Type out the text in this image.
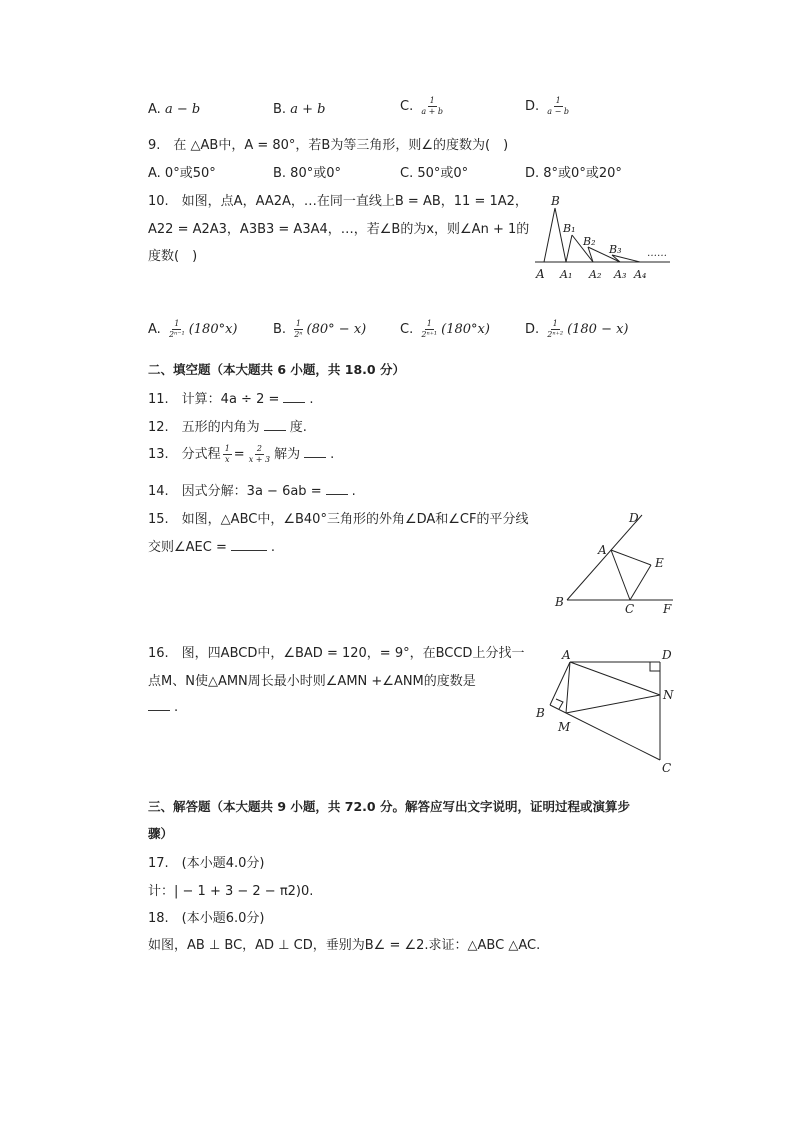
A. a − b	B. a + b	C. $\frac{1}{a + b}$	D. $\frac{1}{a - b}$
9.　在 △AB中，A = 80°，若B为等三角形，则∠的度数为(　)
A. 0°或50°	B. 80°或0°	C. 50°或0°	D. 8°或0°或20°
10.　如图，点A，AA2A，…在同一直线上B = AB，11 = 1A2，
A22 = A2A3，A3B3 = A3A4，…，若∠B的为x，则∠An + 1的
度数(　)
B
B₁
B₂
B₃	……
A A₁ A₂ A₃ A₄
A. $\frac{1}{\text{2ⁿ⁻¹}} (180^\circ x)$	B. $\frac{1}{\text{2ⁿ}} (80^\circ - x)$	C. $\frac{1}{\text{2ⁿ⁺¹}} (180^\circ x)$	D. $\frac{1}{\text{2ⁿ⁺²}} (180 - x)$
二、填空题（本大题共 6 小题，共 18.0 分）
11.　计算：4a ÷ 2 = .
12.　五形的内角为 度.
13.　分式程 $\frac{1}{x} = \frac{2}{x + 3}$ 解为 .
14.　因式分解：3a − 6ab = .
15.　如图，△ABC中，∠B40°三角形的外角∠DA和∠CF的平分线
交则∠AEC =	.
D
A
E
B	C F
16.　图，四ABCD中，∠BAD = 120，= 9°，在BCCD上分找一
点M、N使△AMN周长最小时则∠AMN +∠ANM的度数是
.
A	D
N
B
M
C
三、解答题（本大题共 9 小题，共 72.0 分。解答应写出文字说明，证明过程或演算步
骤）
17.　(本小题4.0分)
计：| − 1 + 3 − 2 − π2)0.
18.　(本小题6.0分)
如图，AB ⊥ BC，AD ⊥ CD，垂别为B∠ = ∠2.求证：△ABC △AC.
